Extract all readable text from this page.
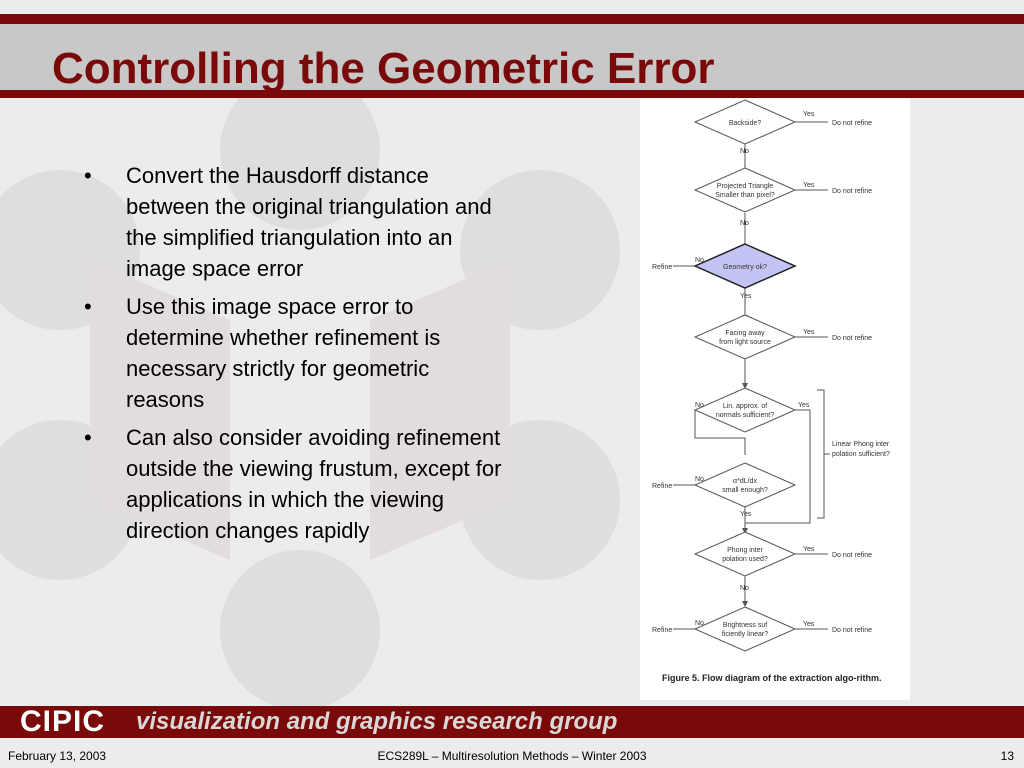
Controlling the Geometric Error
• Convert the Hausdorff distance between the original triangulation and the simplified triangulation into an image space error
• Use this image space error to determine whether refinement is necessary strictly for geometric reasons
• Can also consider avoiding refinement outside the viewing frustum, except for applications in which the viewing direction changes rapidly
Backside?
Projected Triangle
Smaller than pixel?
Geometry ok?
Facing away
from light source
Lin. approx. of
normals sufficient?
α*dL/dx
small enough?
Phong inter
polation used?
Brightness suf
ficiently linear?
Yes
Do not refine
Yes
Do not refine
Yes
Do not refine
Yes
Yes
Do not refine
Yes
Do not refine
No
No
Yes
Yes
No
No
Refine
No
No
Refine
No
Refine
Linear Phong inter
polation sufficient?
Figure 5. Flow diagram of the extraction algo-rithm.
CIPIC visualization and graphics research group
February 13, 2003	ECS289L – Multiresolution Methods – Winter 2003	13
